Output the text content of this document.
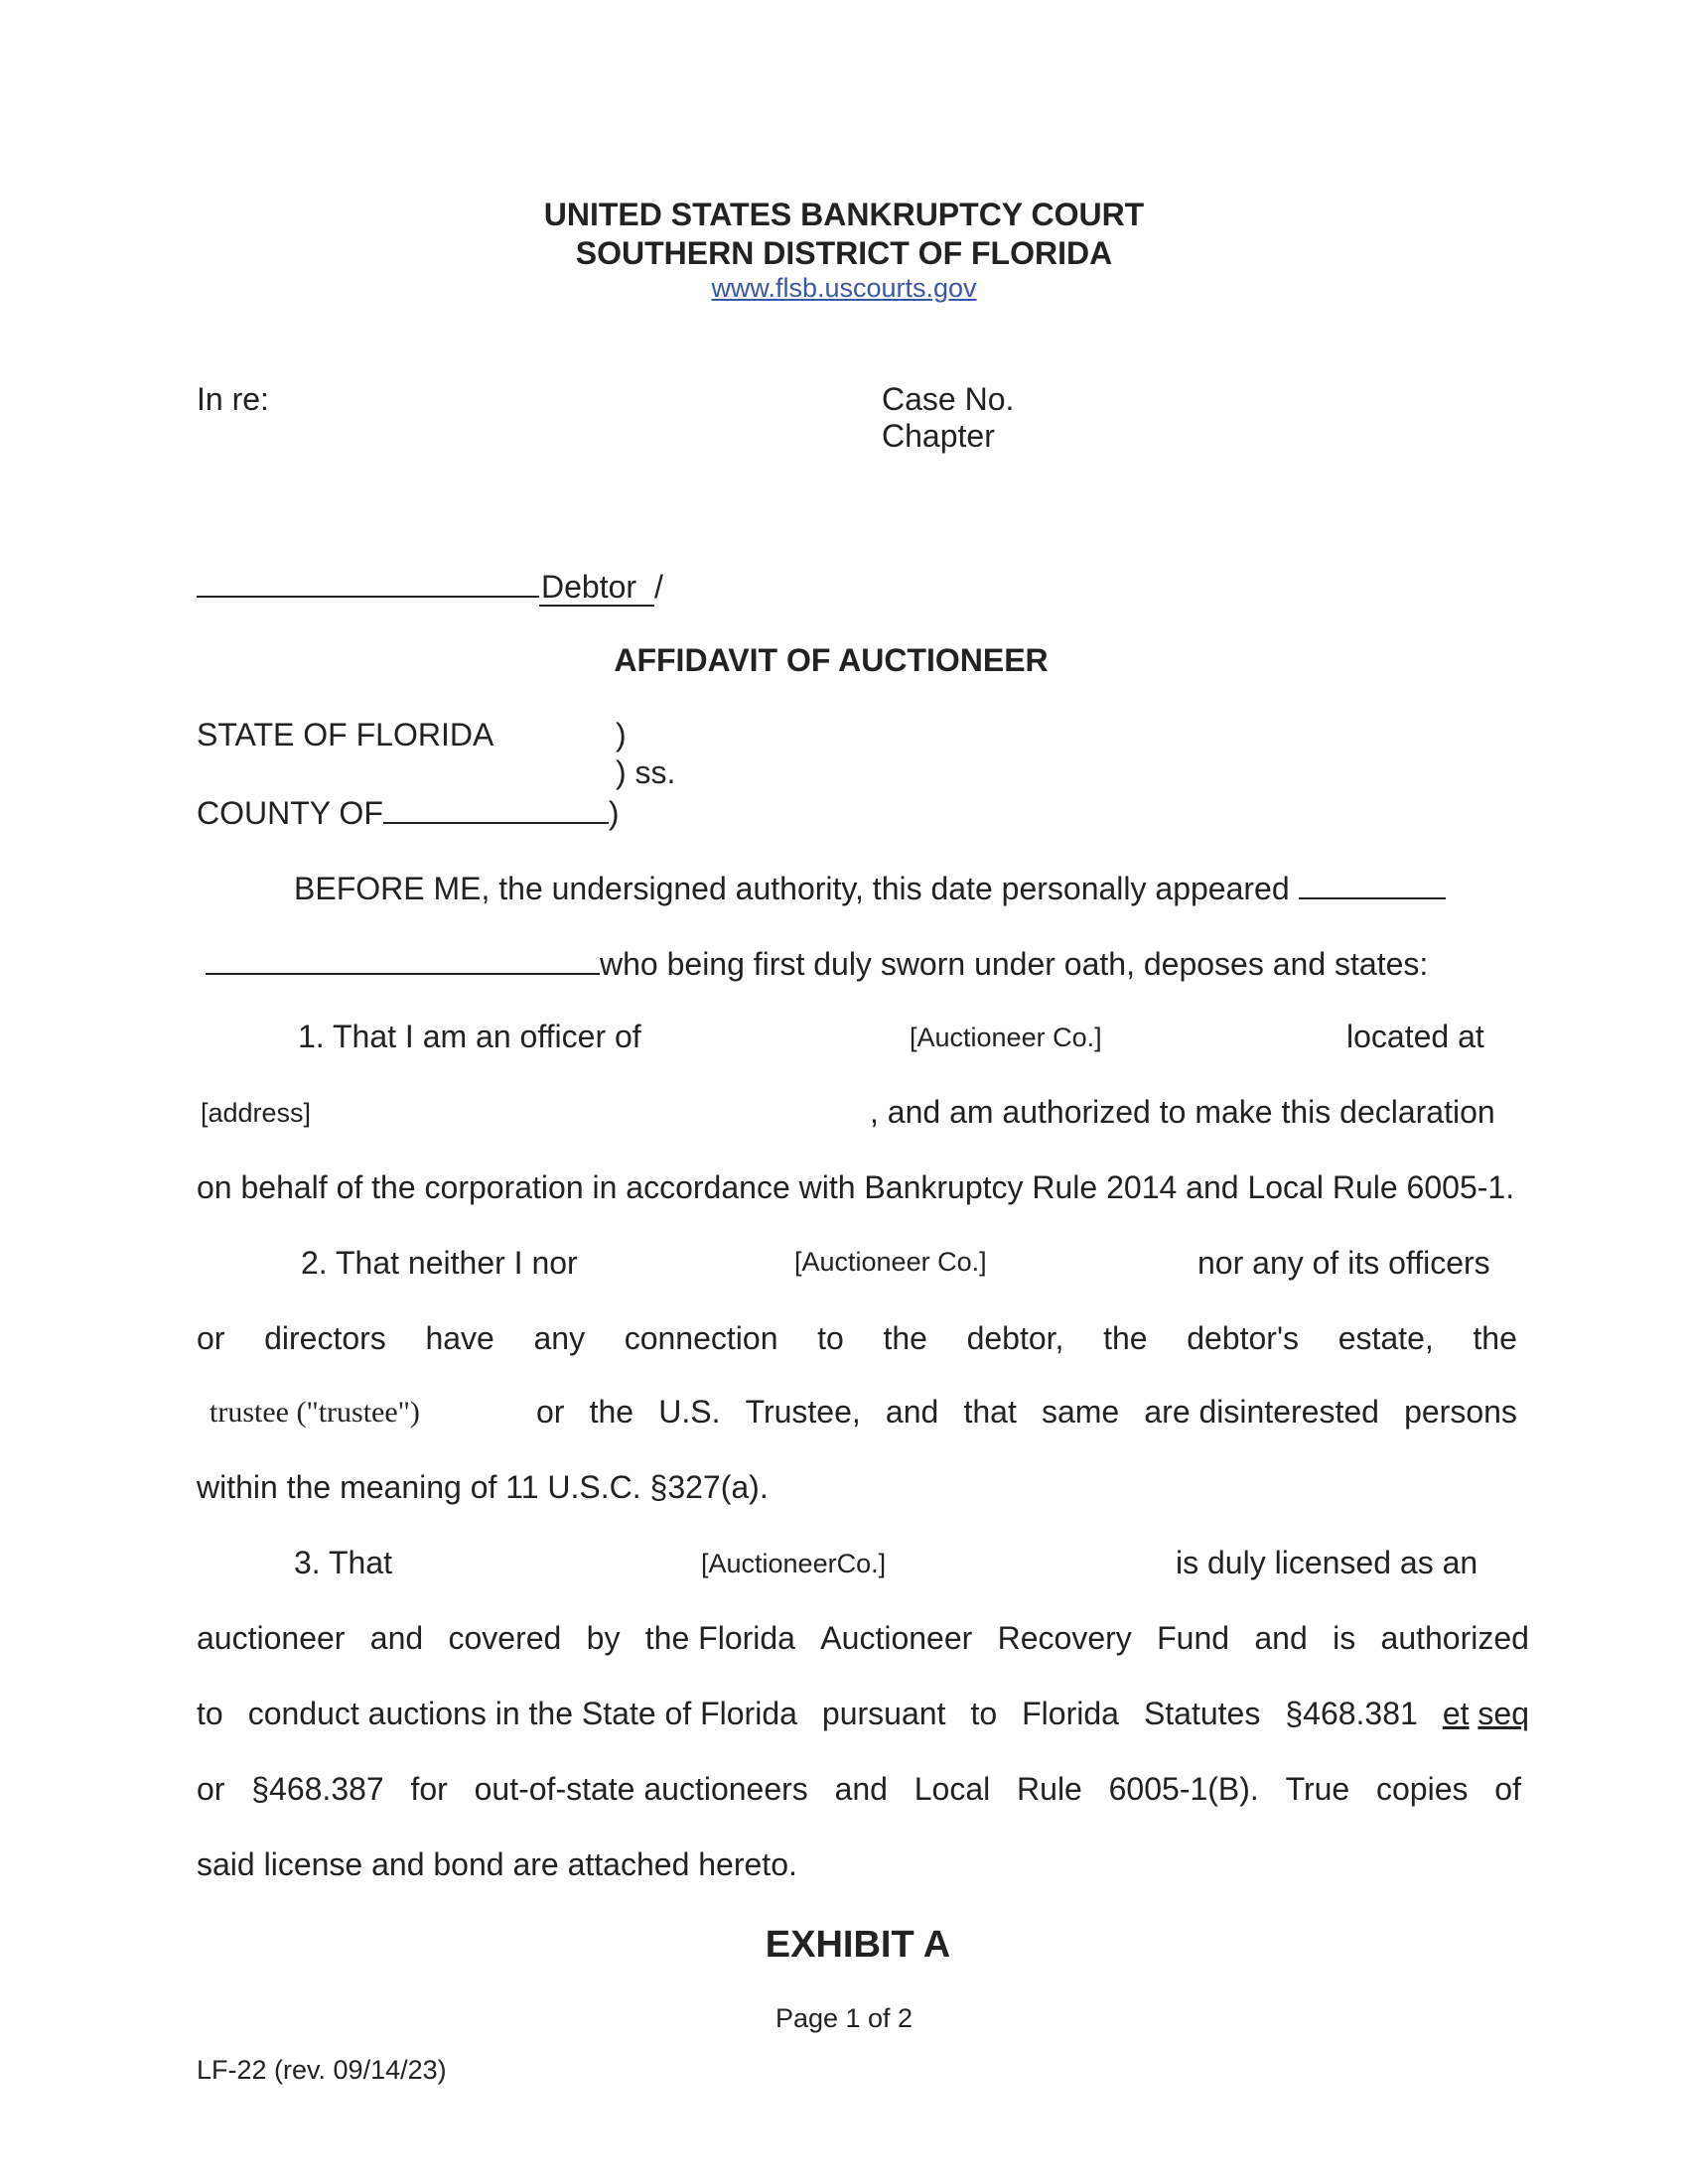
UNITED STATES BANKRUPTCY COURT
SOUTHERN DISTRICT OF FLORIDA
www.flsb.uscourts.gov
In re:	Case No.
Chapter
Debtor /
AFFIDAVIT OF AUCTIONEER
STATE OF FLORIDA	)
) ss.
COUNTY OF	)
BEFORE ME, the undersigned authority, this date personally appeared
who being first duly sworn under oath, deposes and states:
1. That I am an officer of	[Auctioneer Co.]	located at
[address]	, and am authorized to make this declaration
on behalf of the corporation in accordance with Bankruptcy Rule 2014 and Local Rule 6005-1.
2. That neither I nor	[Auctioneer Co.]	nor any of its officers
or directors have any connection to the debtor, the debtor's estate, the
trustee ("trustee")	or the U.S. Trustee, and that same are disinterested persons
within the meaning of 11 U.S.C. §327(a).
3. That	[AuctioneerCo.]	is duly licensed as an
auctioneer and covered by the Florida Auctioneer Recovery Fund and is authorized
to conduct auctions in the State of Florida pursuant to Florida Statutes §468.381 et seq
or §468.387 for out-of-state auctioneers and Local Rule 6005-1(B). True copies of
said license and bond are attached hereto.
EXHIBIT A
Page 1 of 2
LF-22 (rev. 09/14/23)
